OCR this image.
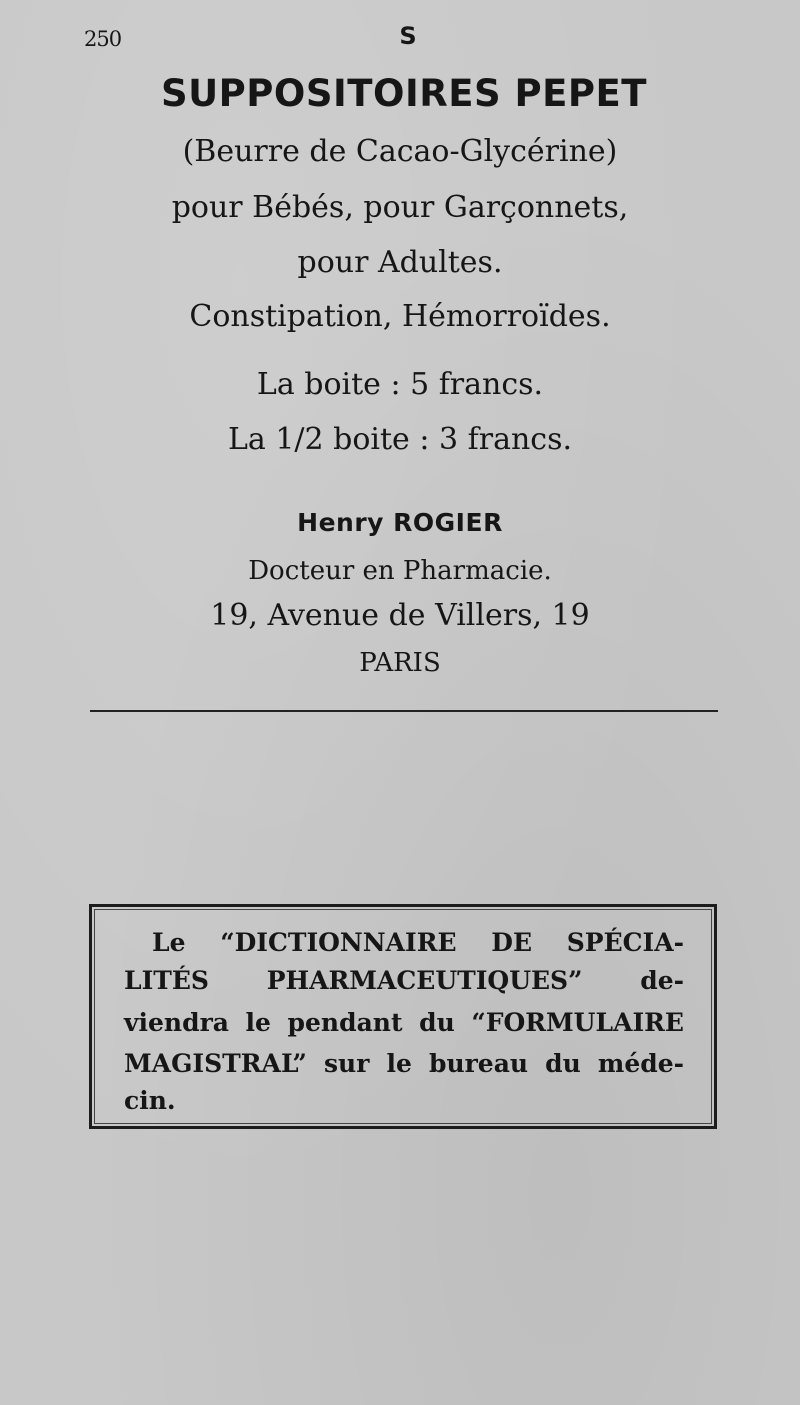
250	S
SUPPOSITOIRES PEPET
(Beurre de Cacao-Glycérine)
pour Bébés, pour Garçonnets,
pour Adultes.
Constipation, Hémorroïdes.
La boite : 5 francs.
La 1/2 boite : 3 francs.
Henry ROGIER
Docteur en Pharmacie.
19, Avenue de Villers, 19
PARIS
Le “DICTIONNAIRE DE SPÉCIA-
LITÉS PHARMACEUTIQUES” de-
viendra le pendant du “FORMULAIRE
MAGISTRAL” sur le bureau du méde-
cin.
